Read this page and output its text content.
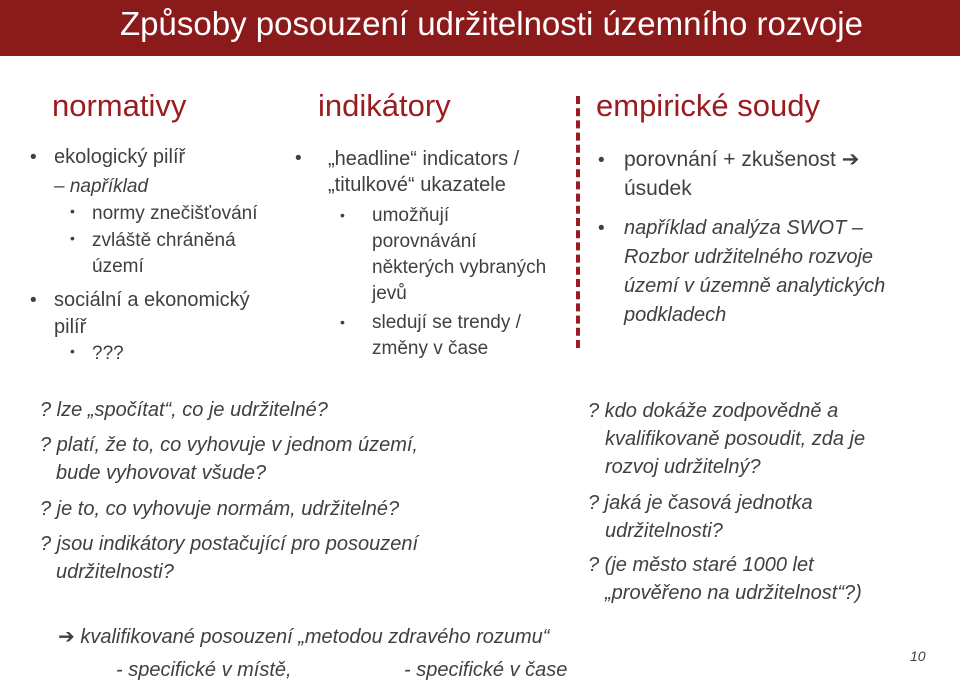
Způsoby posouzení udržitelnosti územního rozvoje
normativy
• ekologický pilíř
– například
• normy znečišťování
• zvláště chráněná
území
• sociální a ekonomický
pilíř
• ???
indikátory
• „headline“ indicators /
„titulkové“ ukazatele
• umožňují
porovnávání
některých vybraných
jevů
• sledují se trendy /
změny v čase
empirické soudy
• porovnání + zkušenost ➔
úsudek
• například analýza SWOT –
Rozbor udržitelného rozvoje
území v územně analytických
podkladech
? lze „spočítat“, co je udržitelné?
? platí, že to, co vyhovuje v jednom území,
bude vyhovovat všude?
? je to, co vyhovuje normám, udržitelné?
? jsou indikátory postačující pro posouzení
udržitelnosti?
? kdo dokáže zodpovědně a
kvalifikovaně posoudit, zda je
rozvoj udržitelný?
? jaká je časová jednotka
udržitelnosti?
? (je město staré 1000 let
„prověřeno na udržitelnost“?)
➔ kvalifikované posouzení „metodou zdravého rozumu“
- specifické v místě,	- specifické v čase
10
